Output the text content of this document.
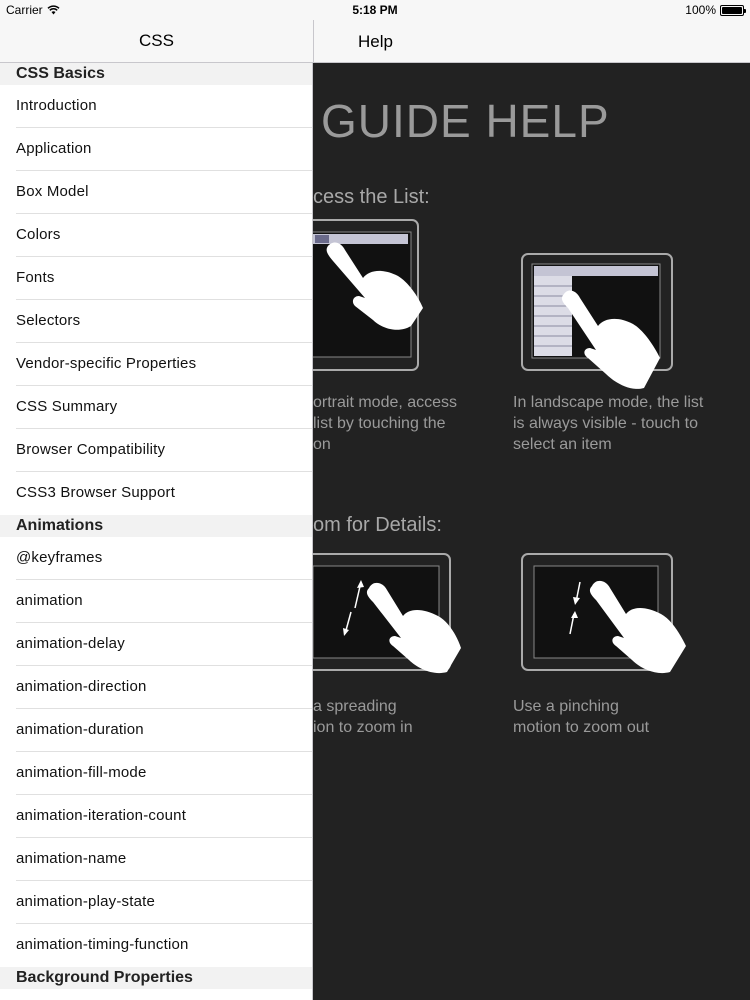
Carrier	5:18 PM	100%
CSS	Help
CSS Basics
Introduction
Application
Box Model
Colors
Fonts
Selectors
Vendor-specific Properties
CSS Summary
Browser Compatibility
CSS3 Browser Support
Animations
@keyframes
animation
animation-delay
animation-direction
animation-duration
animation-fill-mode
animation-iteration-count
animation-name
animation-play-state
animation-timing-function
Background Properties
GUIDE HELP
cess the List:
ortrait mode, access
list by touching the
on
In landscape mode, the list
is always visible - touch to
select an item
om for Details:
a spreading
ion to zoom in
Use a pinching
motion to zoom out
